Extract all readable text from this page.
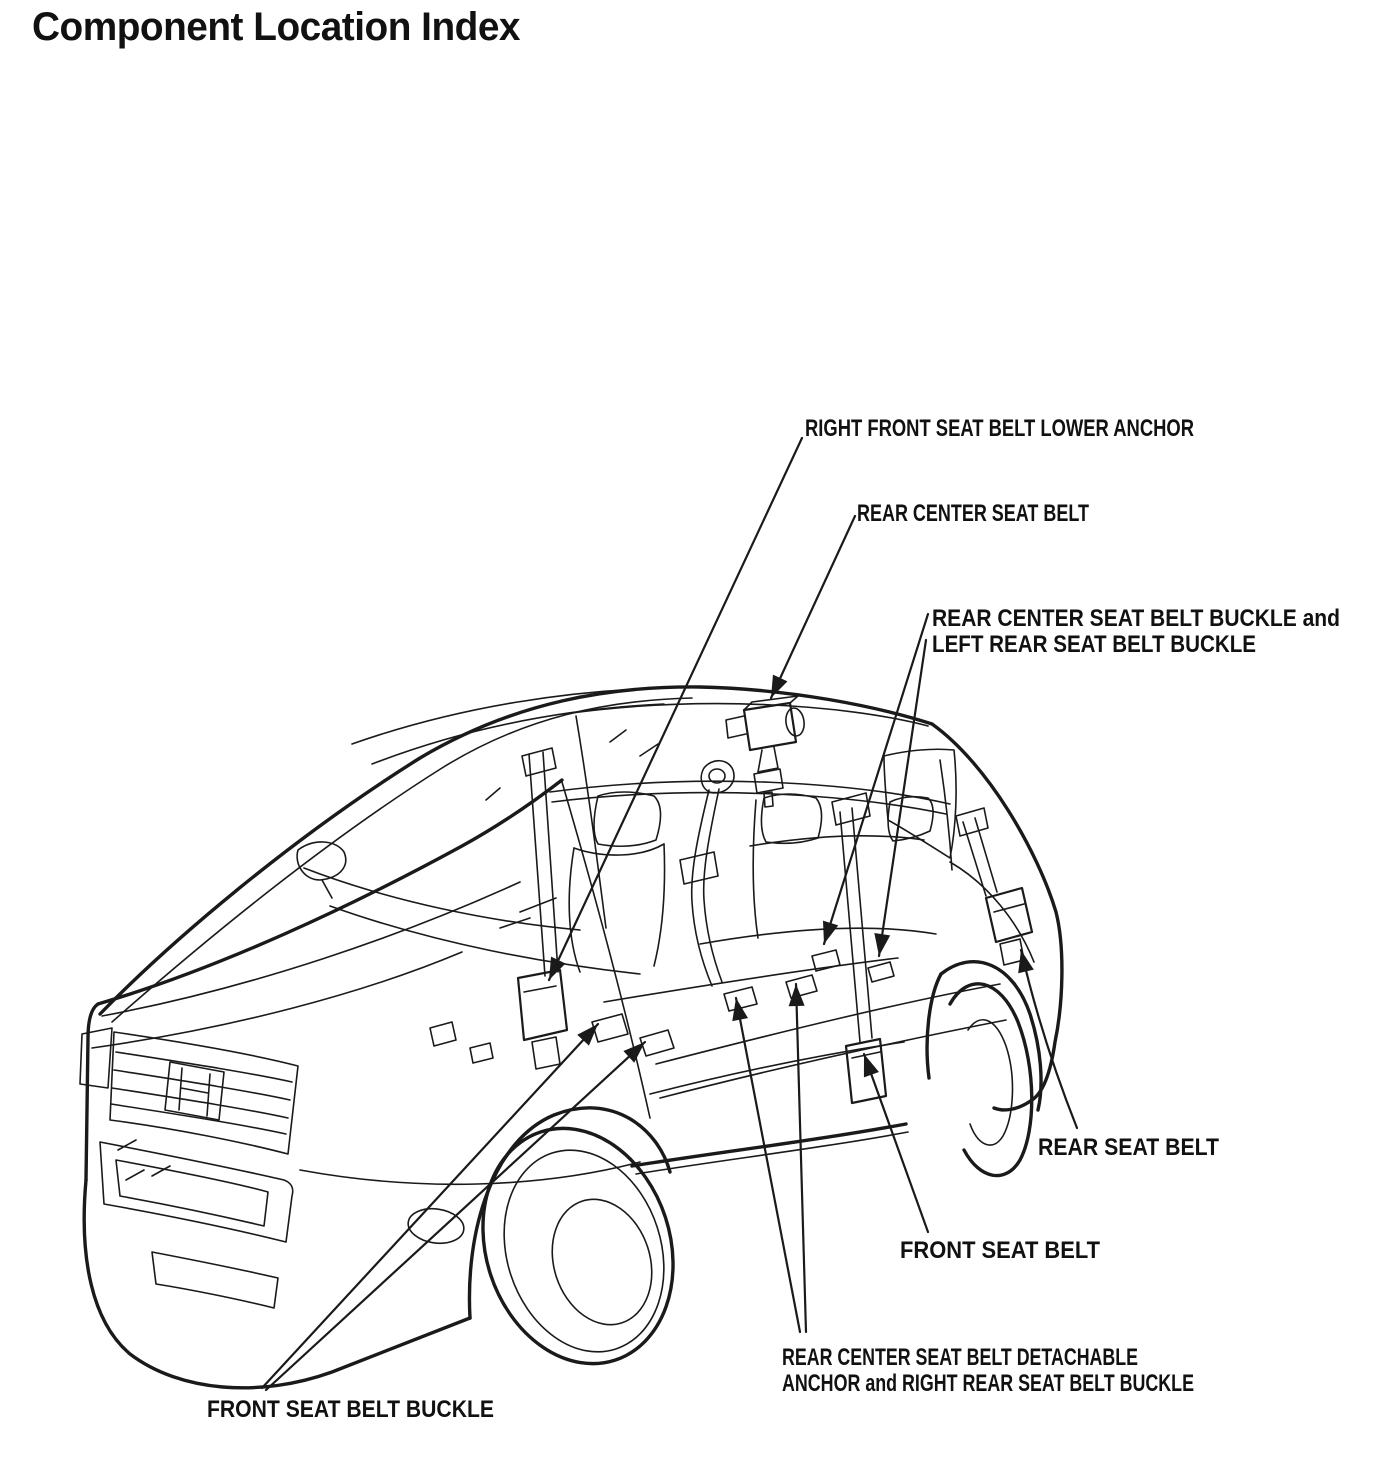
Component Location Index
RIGHT FRONT SEAT BELT LOWER ANCHOR
REAR CENTER SEAT BELT
REAR CENTER SEAT BELT BUCKLE and
LEFT REAR SEAT BELT BUCKLE
REAR SEAT BELT
FRONT SEAT BELT
REAR CENTER SEAT BELT DETACHABLE
ANCHOR and RIGHT REAR SEAT BELT BUCKLE
FRONT SEAT BELT BUCKLE
